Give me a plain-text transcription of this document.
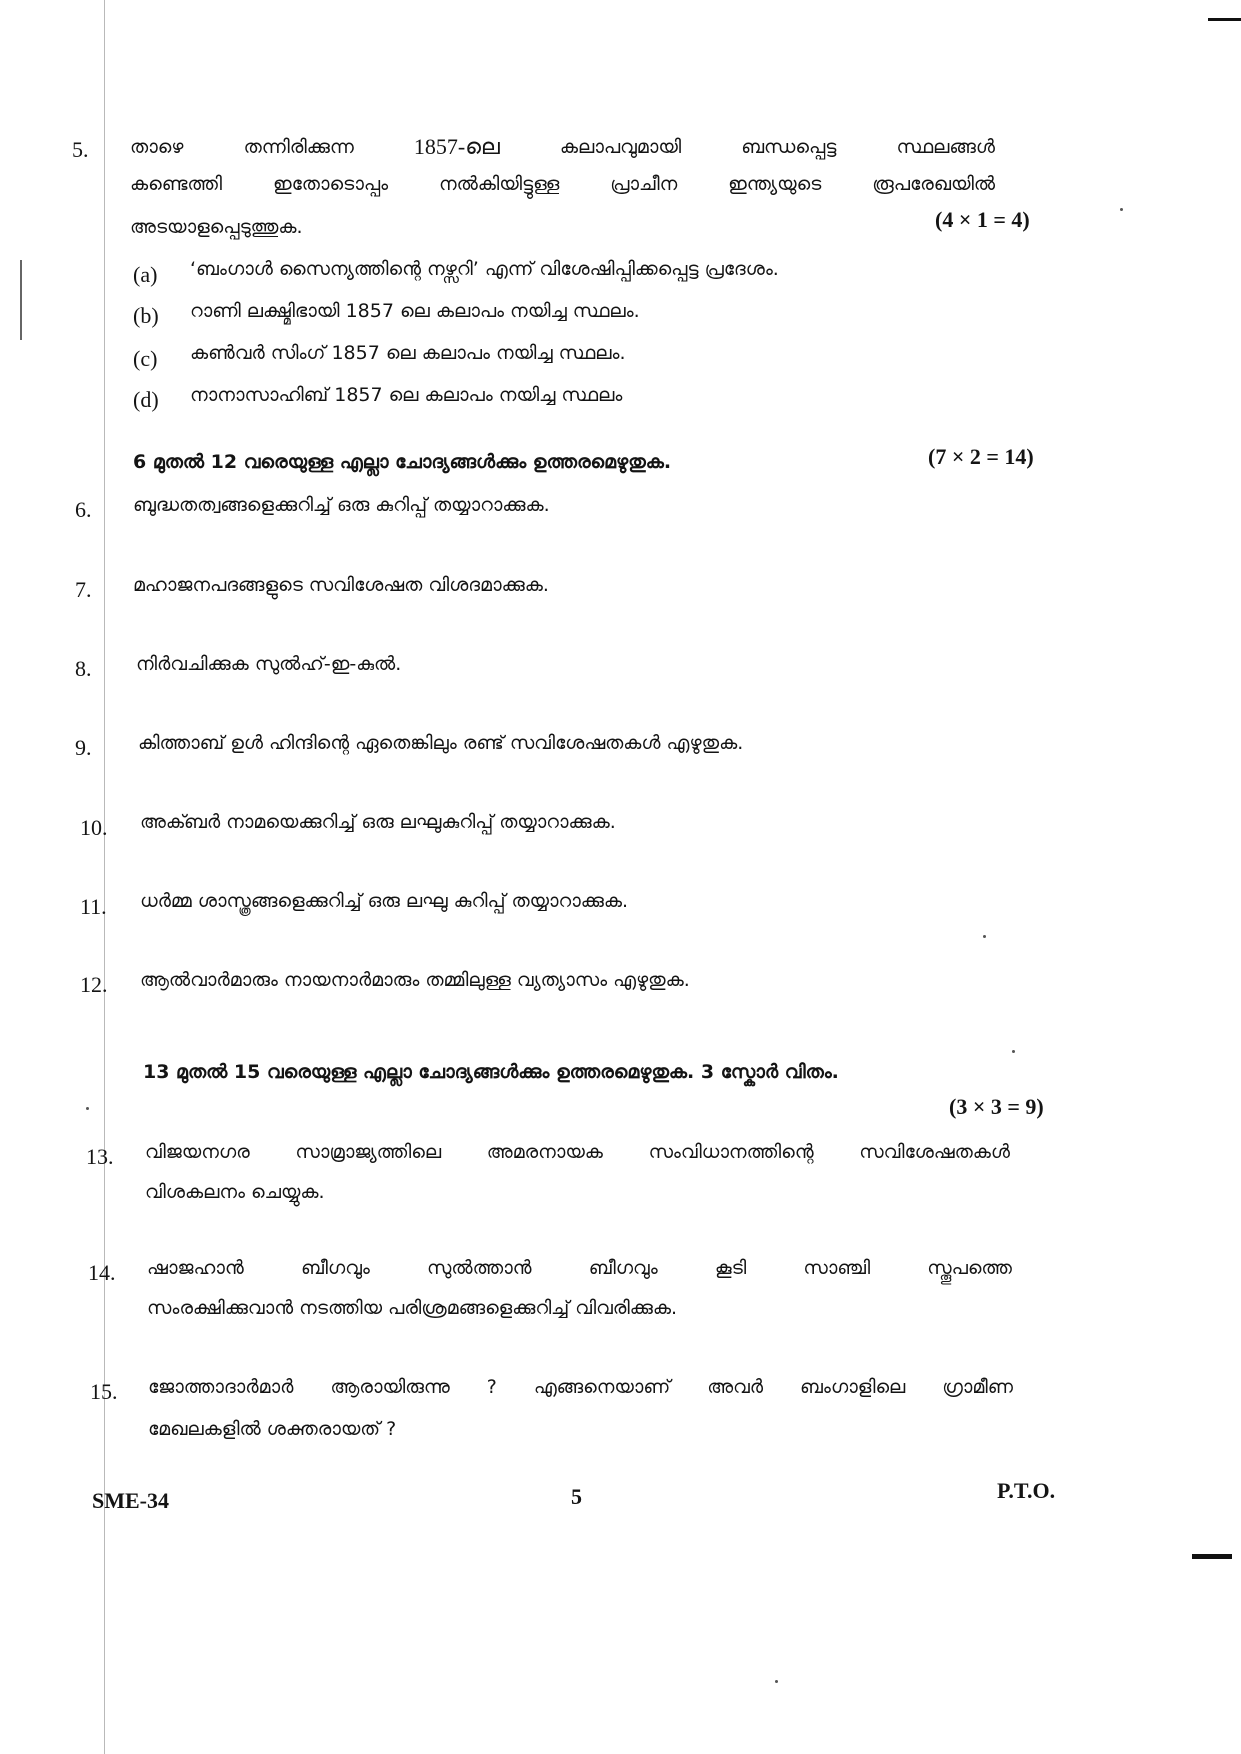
5. താഴെ	തന്നിരിക്കുന്ന	1857-ലെ	കലാപവുമായി	ബന്ധപ്പെട്ട	സ്ഥലങ്ങൾ
കണ്ടെത്തി	ഇതോടൊപ്പം	നൽകിയിട്ടുള്ള	പ്രാചീന	ഇന്ത്യയുടെ	രൂപരേഖയിൽ
അടയാളപ്പെടുത്തുക.	(4 × 1 = 4)
(a) ‘ബംഗാൾ സൈന്യത്തിന്റെ നഴ്സറി’ എന്ന് വിശേഷിപ്പിക്കപ്പെട്ട പ്രദേശം.
(b) റാണി ലക്ഷ്മിഭായി 1857 ലെ കലാപം നയിച്ച സ്ഥലം.
(c) കൺവർ സിംഗ് 1857 ലെ കലാപം നയിച്ച സ്ഥലം.
(d) നാനാസാഹിബ് 1857 ലെ കലാപം നയിച്ച സ്ഥലം
6 മുതൽ 12 വരെയുള്ള എല്ലാ ചോദ്യങ്ങൾക്കും ഉത്തരമെഴുതുക.	(7 × 2 = 14)
6. ബുദ്ധതത്വങ്ങളെക്കുറിച്ച് ഒരു കുറിപ്പ് തയ്യാറാക്കുക.
7. മഹാജനപദങ്ങളുടെ സവിശേഷത വിശദമാക്കുക.
8. നിർവചിക്കുക സുൽഹ്-ഇ-കുൽ.
9. കിത്താബ് ഉൾ ഹിന്ദിന്റെ ഏതെങ്കിലും രണ്ട് സവിശേഷതകൾ എഴുതുക.
10. അക്ബർ നാമയെക്കുറിച്ച് ഒരു ലഘുകുറിപ്പ് തയ്യാറാക്കുക.
11. ധർമ്മ ശാസ്ത്രങ്ങളെക്കുറിച്ച് ഒരു ലഘു കുറിപ്പ് തയ്യാറാക്കുക.
12. ആൽവാർമാരും നായനാർമാരും തമ്മിലുള്ള വ്യത്യാസം എഴുതുക.
13 മുതൽ 15 വരെയുള്ള എല്ലാ ചോദ്യങ്ങൾക്കും ഉത്തരമെഴുതുക. 3 സ്കോർ വിതം.
(3 × 3 = 9)
13. വിജയനഗര സാമ്രാജ്യത്തിലെ അമരനായക സംവിധാനത്തിന്റെ സവിശേഷതകൾ
വിശകലനം ചെയ്യുക.
14. ഷാജഹാൻ	ബീഗവും	സുൽത്താൻ	ബീഗവും	കൂടി	സാഞ്ചി	സ്തൂപത്തെ
സംരക്ഷിക്കുവാൻ നടത്തിയ പരിശ്രമങ്ങളെക്കുറിച്ച് വിവരിക്കുക.
15. ജോത്താദാർമാർ ആരായിരുന്നു ? എങ്ങനെയാണ് അവർ ബംഗാളിലെ ഗ്രാമീണ
മേഖലകളിൽ ശക്തരായത് ?
SME-34	5	P.T.O.
